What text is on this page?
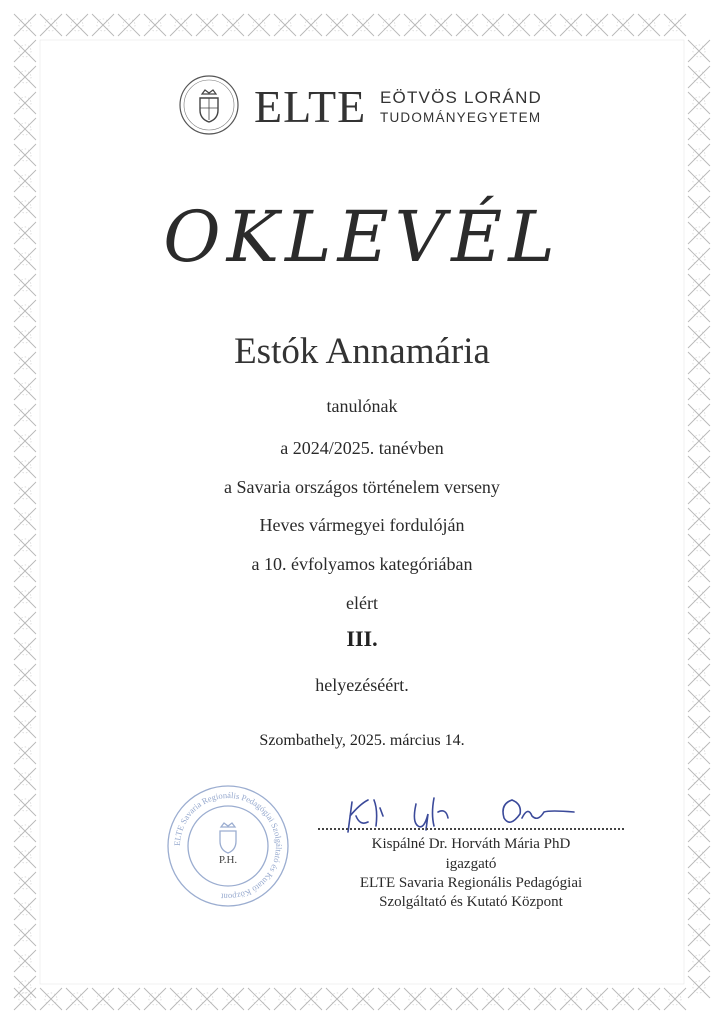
ELTE EÖTVÖS LORÁND
TUDOMÁNYEGYETEM
OKLEVÉL
Estók Annamária
tanulónak
a 2024/2025. tanévben
a Savaria országos történelem verseny
Heves vármegyei fordulóján
a 10. évfolyamos kategóriában
elért
III.
helyezéséért.
Szombathely, 2025. március 14.
ELTE Savaria Regionális Pedagógiai Szolgáltató és Kutató Központ
P.H.
Kispálné Dr. Horváth Mária PhD
igazgató
ELTE Savaria Regionális Pedagógiai
Szolgáltató és Kutató Központ
